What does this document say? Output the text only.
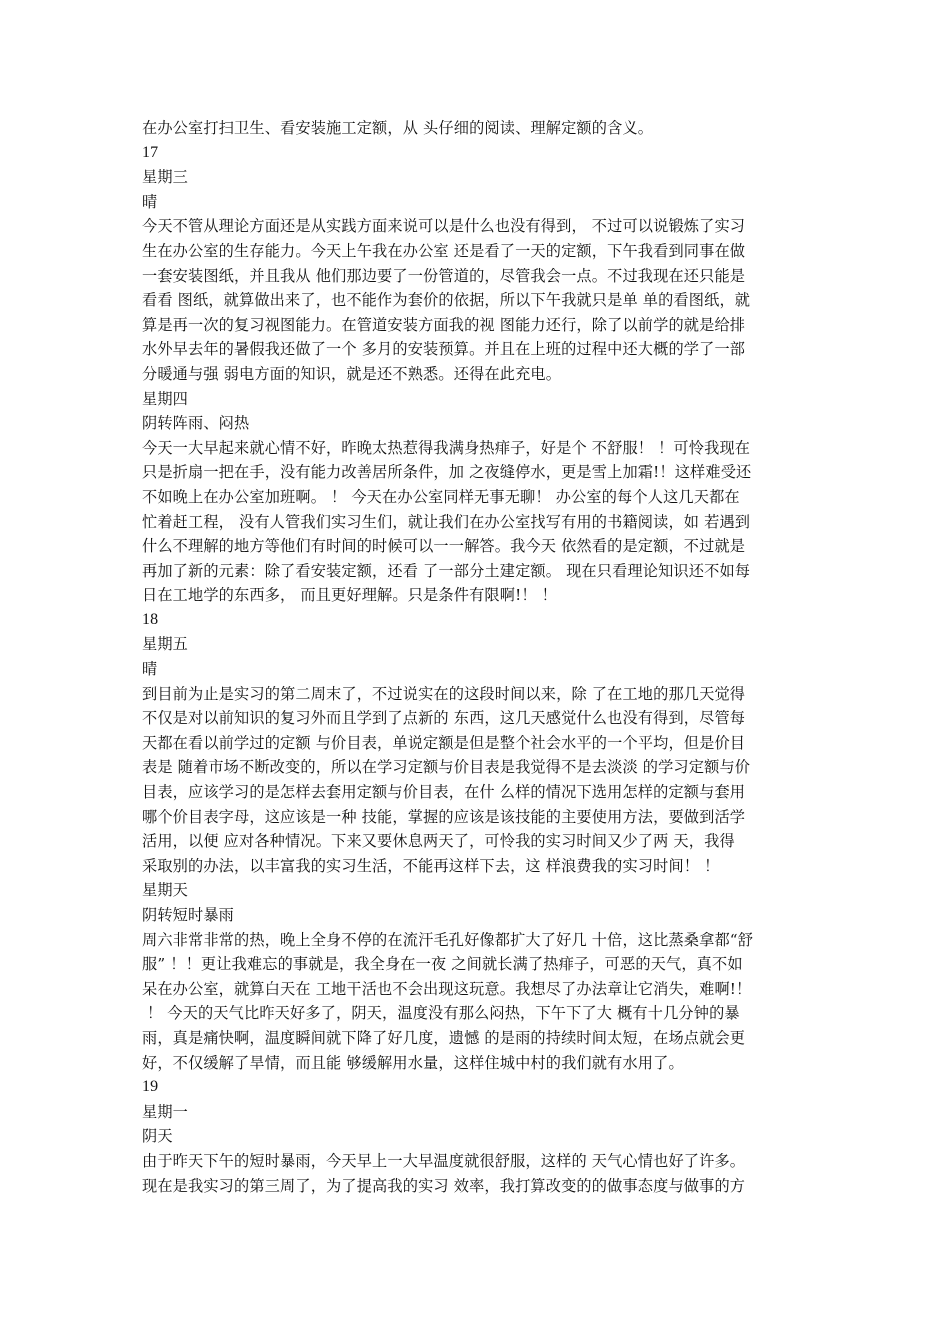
在办公室打扫卫生、看安装施工定额，从 头仔细的阅读、理解定额的含义。
17
星期三
晴
今天不管从理论方面还是从实践方面来说可以是什么也没有得到， 不过可以说锻炼了实习
生在办公室的生存能力。今天上午我在办公室 还是看了一天的定额，下午我看到同事在做
一套安装图纸，并且我从 他们那边要了一份管道的，尽管我会一点。不过我现在还只能是
看看 图纸，就算做出来了，也不能作为套价的依据，所以下午我就只是单 单的看图纸，就
算是再一次的复习视图能力。在管道安装方面我的视 图能力还行，除了以前学的就是给排
水外早去年的暑假我还做了一个 多月的安装预算。并且在上班的过程中还大概的学了一部
分暖通与强 弱电方面的知识，就是还不熟悉。还得在此充电。
星期四
阴转阵雨、闷热
今天一大早起来就心情不好，昨晚太热惹得我满身热痱子，好是个 不舒服！ ！可怜我现在
只是折扇一把在手，没有能力改善居所条件，加 之夜缝停水，更是雪上加霜!！这样难受还
不如晚上在办公室加班啊。 ！ 今天在办公室同样无事无聊！ 办公室的每个人这几天都在
忙着赶工程， 没有人管我们实习生们，就让我们在办公室找写有用的书籍阅读，如 若遇到
什么不理解的地方等他们有时间的时候可以一一解答。我今天 依然看的是定额，不过就是
再加了新的元素：除了看安装定额，还看 了一部分土建定额。 现在只看理论知识还不如每
日在工地学的东西多， 而且更好理解。只是条件有限啊!！ ！
18
星期五
晴
到目前为止是实习的第二周末了，不过说实在的这段时间以来，除 了在工地的那几天觉得
不仅是对以前知识的复习外而且学到了点新的 东西，这几天感觉什么也没有得到，尽管每
天都在看以前学过的定额 与价目表，单说定额是但是整个社会水平的一个平均，但是价目
表是 随着市场不断改变的，所以在学习定额与价目表是我觉得不是去淡淡 的学习定额与价
目表，应该学习的是怎样去套用定额与价目表，在什 么样的情况下选用怎样的定额与套用
哪个价目表字母，这应该是一种 技能，掌握的应该是该技能的主要使用方法，要做到活学
活用，以便 应对各种情况。下来又要休息两天了，可怜我的实习时间又少了两 天，我得
采取别的办法，以丰富我的实习生活，不能再这样下去，这 样浪费我的实习时间！ ！
星期天
阴转短时暴雨
周六非常非常的热，晚上全身不停的在流汗毛孔好像都扩大了好几 十倍，这比蒸桑拿都“舒
服” ！！更让我难忘的事就是，我全身在一夜 之间就长满了热痱子，可恶的天气，真不如
呆在办公室，就算白天在 工地干活也不会出现这玩意。我想尽了办法章让它消失，难啊!！
！ 今天的天气比昨天好多了，阴天，温度没有那么闷热，下午下了大 概有十几分钟的暴
雨，真是痛快啊，温度瞬间就下降了好几度，遗憾 的是雨的持续时间太短，在场点就会更
好，不仅缓解了旱情，而且能 够缓解用水量，这样住城中村的我们就有水用了。
19
星期一
阴天
由于昨天下午的短时暴雨，今天早上一大早温度就很舒服，这样的 天气心情也好了许多。
现在是我实习的第三周了，为了提高我的实习 效率，我打算改变的的做事态度与做事的方
